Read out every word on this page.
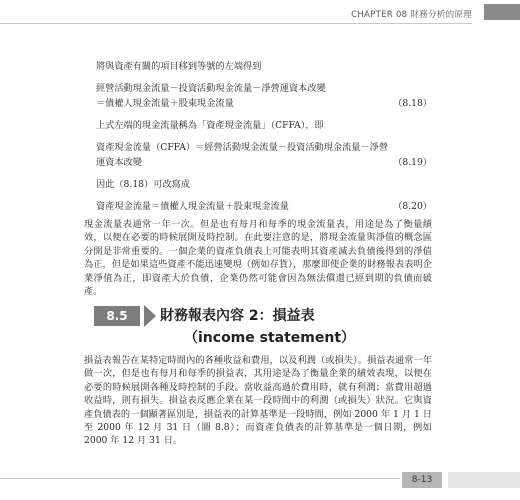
CHAPTER 08 財務分析的原理
將與資產有關的項目移到等號的左端得到
經營活動現金流量－投資活動現金流量－淨營運資本改變
＝債權人現金流量＋股東現金流量	（8.18）
上式左端的現金流量稱為「資產現金流量」（CFFA），即
資產現金流量（CFFA）＝經營活動現金流量－投資活動現金流量－淨營
運資本改變	（8.19）
因此（8.18）可改寫成
資產現金流量＝債權人現金流量＋股東現金流量	（8.20）
現金流量表通常一年一次。但是也有每月和每季的現金流量表，用途是為了衡量績效，以便在必要的時候展開及時控制。在此要注意的是，將現金流量與淨值的概念區分開是非常重要的。一個企業的資產負債表上可能表明其資產減去負債後得到的淨值為正，但是如果這些資產不能迅速變現（例如存貨），那麼即使企業的財務報表表明企業淨值為正，即資產大於負債，企業仍然可能會因為無法償還已經到期的負債而破產。
8.5	財務報表內容 2：損益表
（income statement）
損益表報告在某特定時間內的各種收益和費用，以及利潤（或損失）。損益表通常一年做一次，但是也有每月和每季的損益表，其用途是為了衡量企業的績效表現，以便在必要的時候展開各種及時控制的手段。當收益高過於費用時，就有利潤；當費用超過收益時，則有損失。損益表反應企業在某一段時間中的利潤（或損失）狀況。它與資產負債表的一個顯著區別是，損益表的計算基準是一段時間，例如 2000 年 1 月 1 日至 2000 年 12 月 31 日（圖 8.8）；而資產負債表的計算基準是一個日期，例如 2000 年 12 月 31 日。
8-13
